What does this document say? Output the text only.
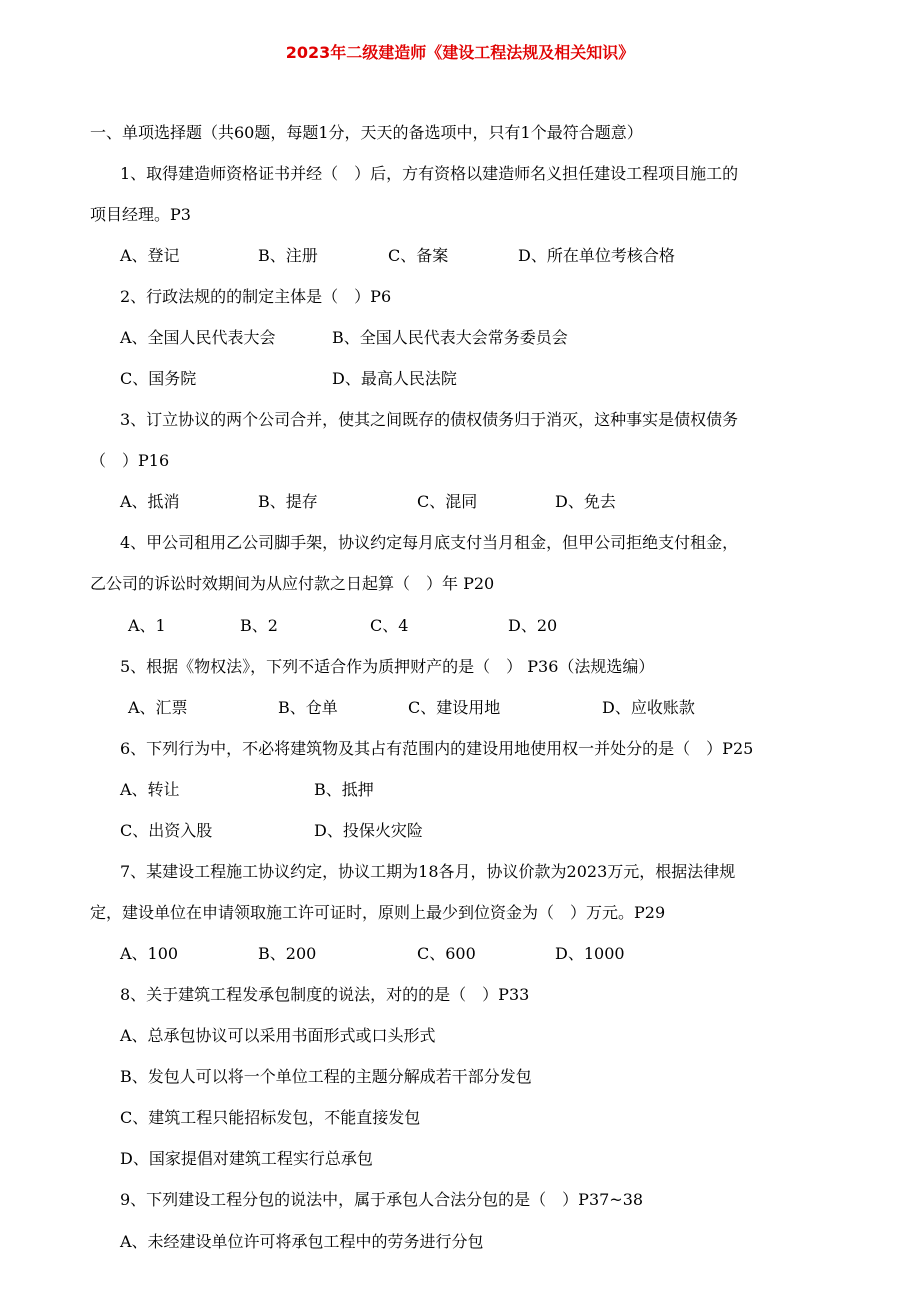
2023年二级建造师《建设工程法规及相关知识》

一、单项选择题（共60题，每题1分，天天的备选项中，只有1个最符合题意）

1、取得建造师资格证书并经（　）后，方有资格以建造师名义担任建设工程项目施工的

项目经理。P3

A、登记	B、注册	C、备案	D、所在单位考核合格

2、行政法规的的制定主体是（　）P6

A、全国人民代表大会	B、全国人民代表大会常务委员会
C、国务院	D、最高人民法院

3、订立协议的两个公司合并，使其之间既存的债权债务归于消灭，这种事实是债权债务

（　）P16

A、抵消	B、提存	C、混同	D、免去

4、甲公司租用乙公司脚手架，协议约定每月底支付当月租金，但甲公司拒绝支付租金，

乙公司的诉讼时效期间为从应付款之日起算（　）年 P20

A、1	B、2	C、4	D、20

5、根据《物权法》，下列不适合作为质押财产的是（　） P36（法规选编）

A、汇票	B、仓单	C、建设用地	D、应收账款

6、下列行为中，不必将建筑物及其占有范围内的建设用地使用权一并处分的是（　）P25

A、转让	B、抵押
C、出资入股	D、投保火灾险

7、某建设工程施工协议约定，协议工期为18各月，协议价款为2023万元，根据法律规

定，建设单位在申请领取施工许可证时，原则上最少到位资金为（　）万元。P29

A、100	B、200	C、600	D、1000

8、关于建筑工程发承包制度的说法，对的的是（　）P33

A、总承包协议可以采用书面形式或口头形式
B、发包人可以将一个单位工程的主题分解成若干部分发包
C、建筑工程只能招标发包，不能直接发包
D、国家提倡对建筑工程实行总承包

9、下列建设工程分包的说法中，属于承包人合法分包的是（　）P37~38

A、未经建设单位许可将承包工程中的劳务进行分包
